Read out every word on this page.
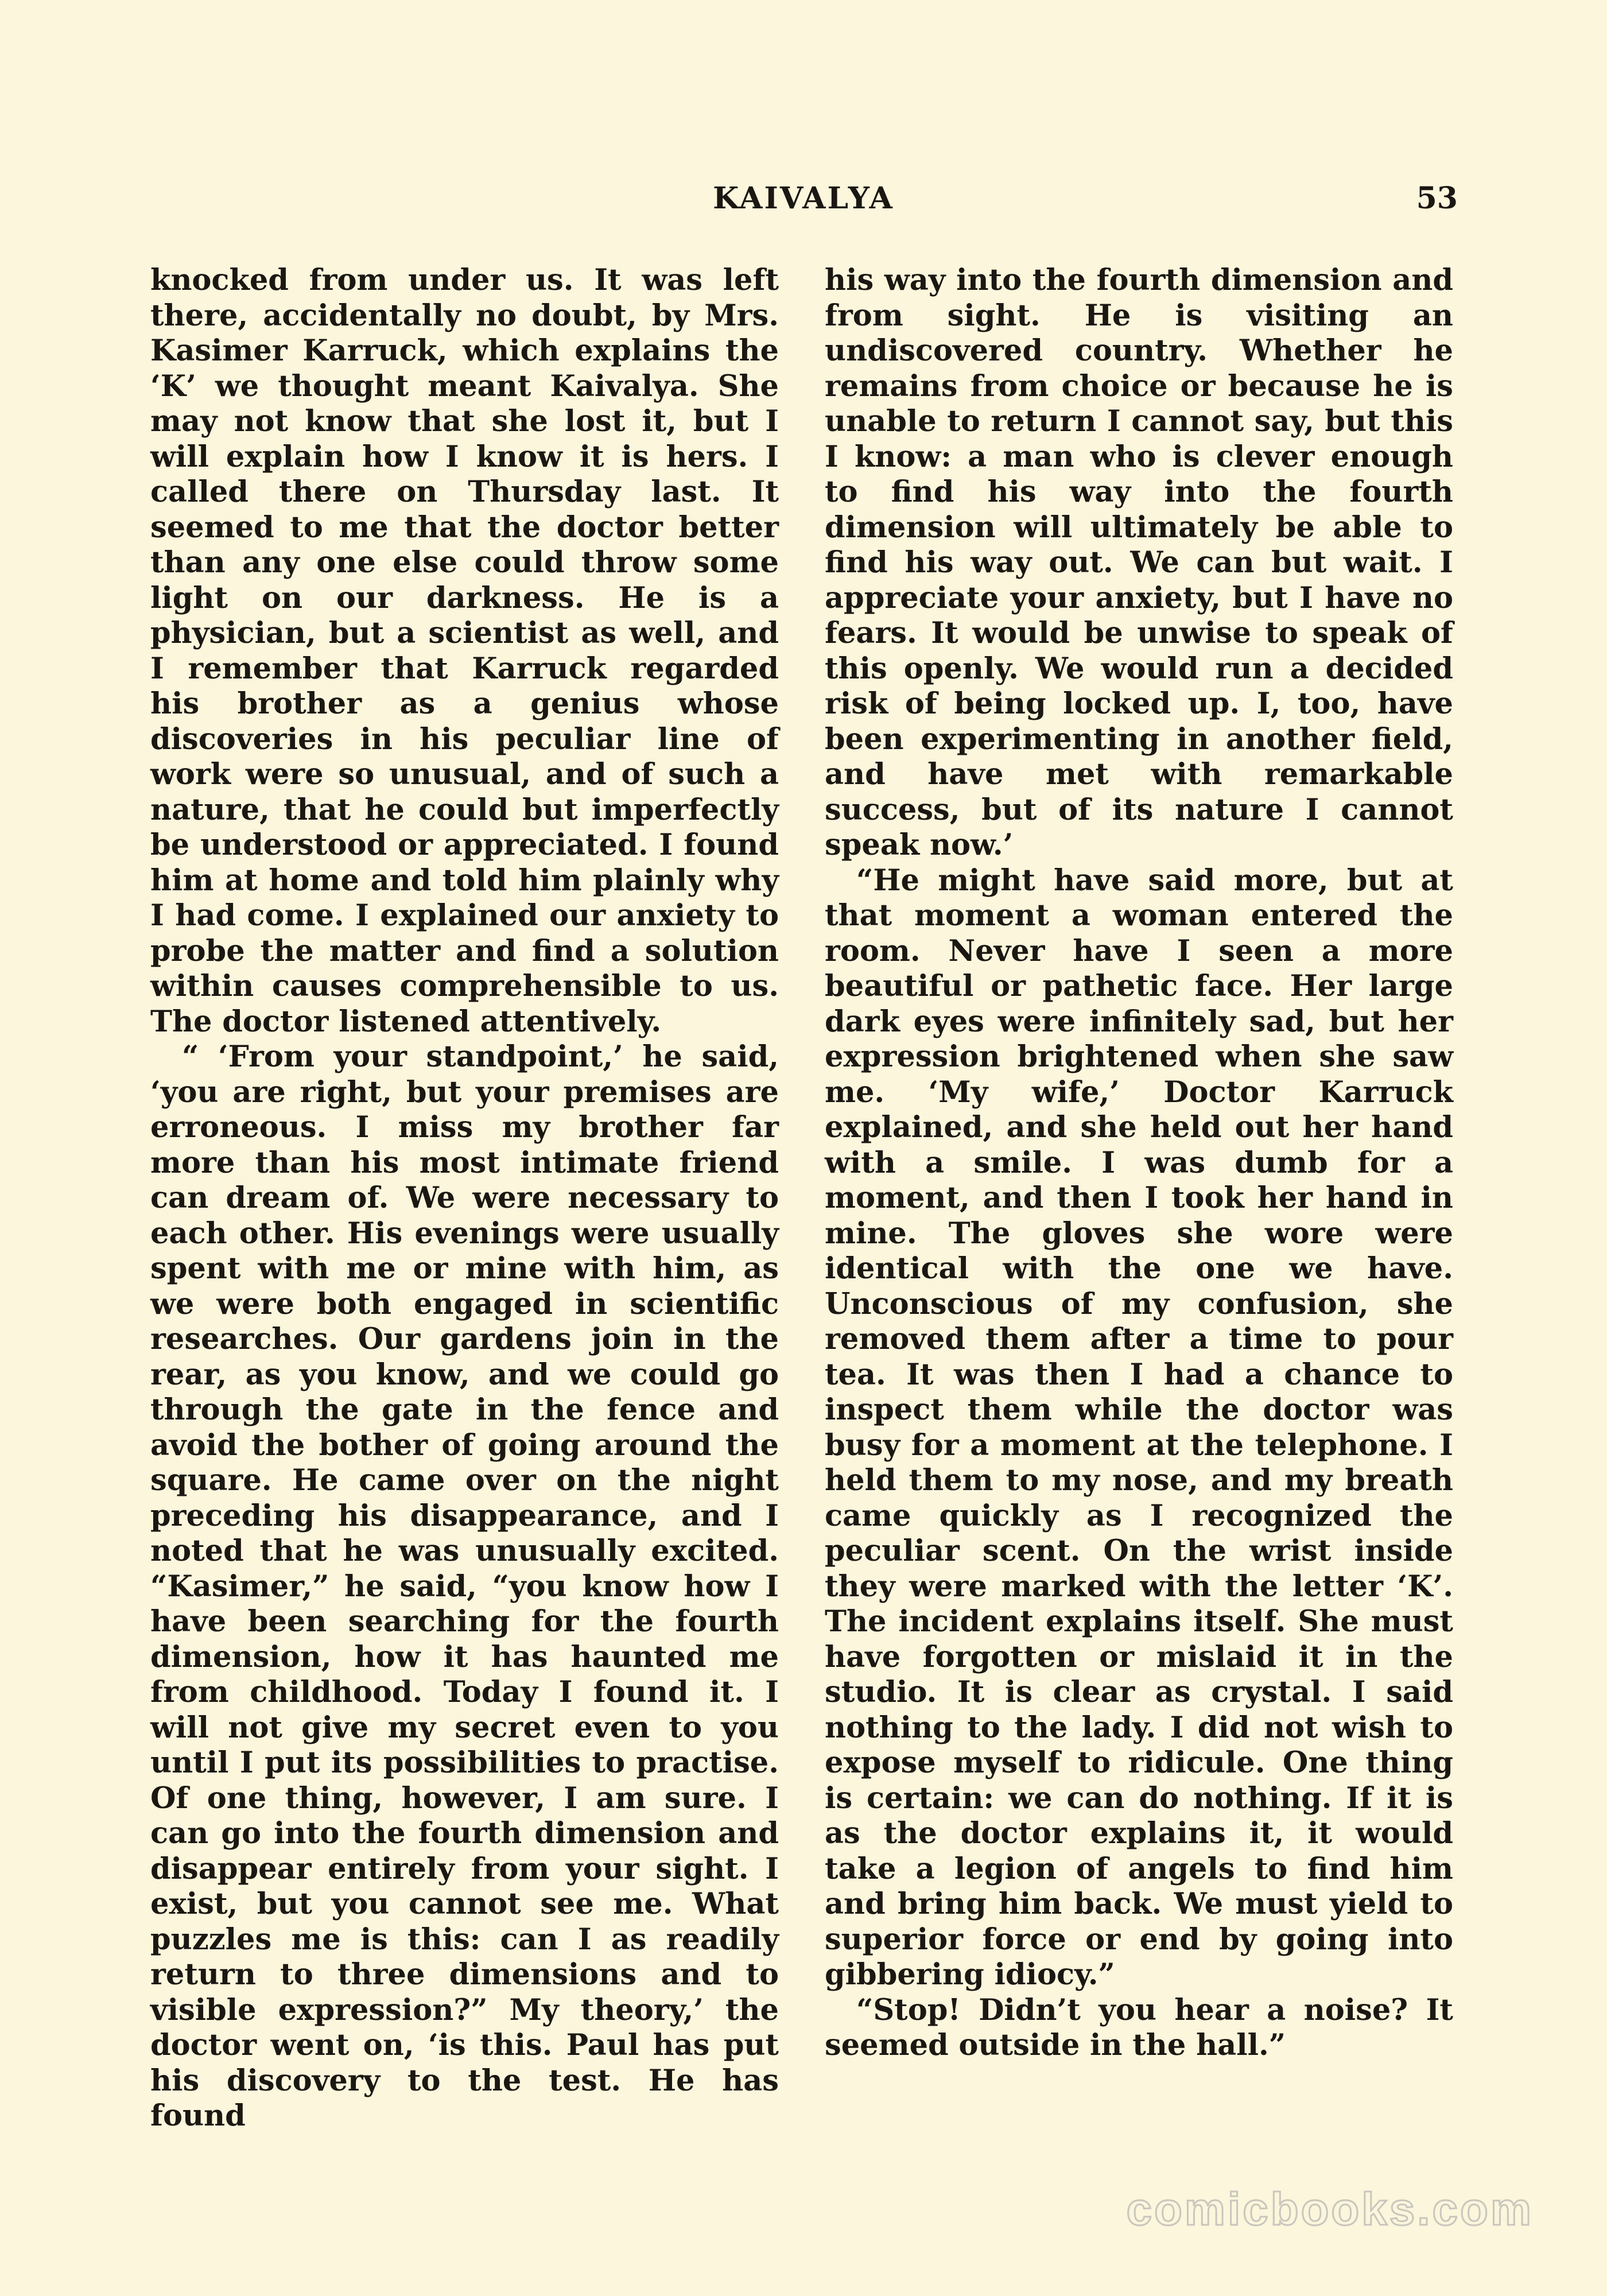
KAIVALYA	53

knocked from under us. It was left there, accidentally no doubt, by Mrs. Kasimer Karruck, which explains the ‘K’ we thought meant Kaivalya. She may not know that she lost it, but I will explain how I know it is hers. I called there on Thursday last. It seemed to me that the doctor better than any one else could throw some light on our darkness. He is a physician, but a scientist as well, and I remember that Karruck regarded his brother as a genius whose discoveries in his peculiar line of work were so unusual, and of such a nature, that he could but imperfectly be understood or appreciated. I found him at home and told him plainly why I had come. I explained our anxiety to probe the matter and find a solution within causes comprehensible to us. The doctor listened attentively.

“ ‘From your standpoint,’ he said, ‘you are right, but your premises are erroneous. I miss my brother far more than his most intimate friend can dream of. We were necessary to each other. His evenings were usually spent with me or mine with him, as we were both engaged in scientific researches. Our gardens join in the rear, as you know, and we could go through the gate in the fence and avoid the bother of going around the square. He came over on the night preceding his disappearance, and I noted that he was unusually excited. “Kasimer,” he said, “you know how I have been searching for the fourth dimension, how it has haunted me from childhood. Today I found it. I will not give my secret even to you until I put its possibilities to practise. Of one thing, however, I am sure. I can go into the fourth dimension and disappear entirely from your sight. I exist, but you cannot see me. What puzzles me is this: can I as readily return to three dimensions and to visible expression?” My theory,’ the doctor went on, ‘is this. Paul has put his discovery to the test. He has found

his way into the fourth dimension and from sight. He is visiting an undiscovered country. Whether he remains from choice or because he is unable to return I cannot say, but this I know: a man who is clever enough to find his way into the fourth dimension will ultimately be able to find his way out. We can but wait. I appreciate your anxiety, but I have no fears. It would be unwise to speak of this openly. We would run a decided risk of being locked up. I, too, have been experimenting in another field, and have met with remarkable success, but of its nature I cannot speak now.’

“He might have said more, but at that moment a woman entered the room. Never have I seen a more beautiful or pathetic face. Her large dark eyes were infinitely sad, but her expression brightened when she saw me. ‘My wife,’ Doctor Karruck explained, and she held out her hand with a smile. I was dumb for a moment, and then I took her hand in mine. The gloves she wore were identical with the one we have. Unconscious of my confusion, she removed them after a time to pour tea. It was then I had a chance to inspect them while the doctor was busy for a moment at the telephone. I held them to my nose, and my breath came quickly as I recognized the peculiar scent. On the wrist inside they were marked with the letter ‘K’. The incident explains itself. She must have forgotten or mislaid it in the studio. It is clear as crystal. I said nothing to the lady. I did not wish to expose myself to ridicule. One thing is certain: we can do nothing. If it is as the doctor explains it, it would take a legion of angels to find him and bring him back. We must yield to superior force or end by going into gibbering idiocy.”

“Stop! Didn’t you hear a noise? It seemed outside in the hall.”

comicbooks.com
